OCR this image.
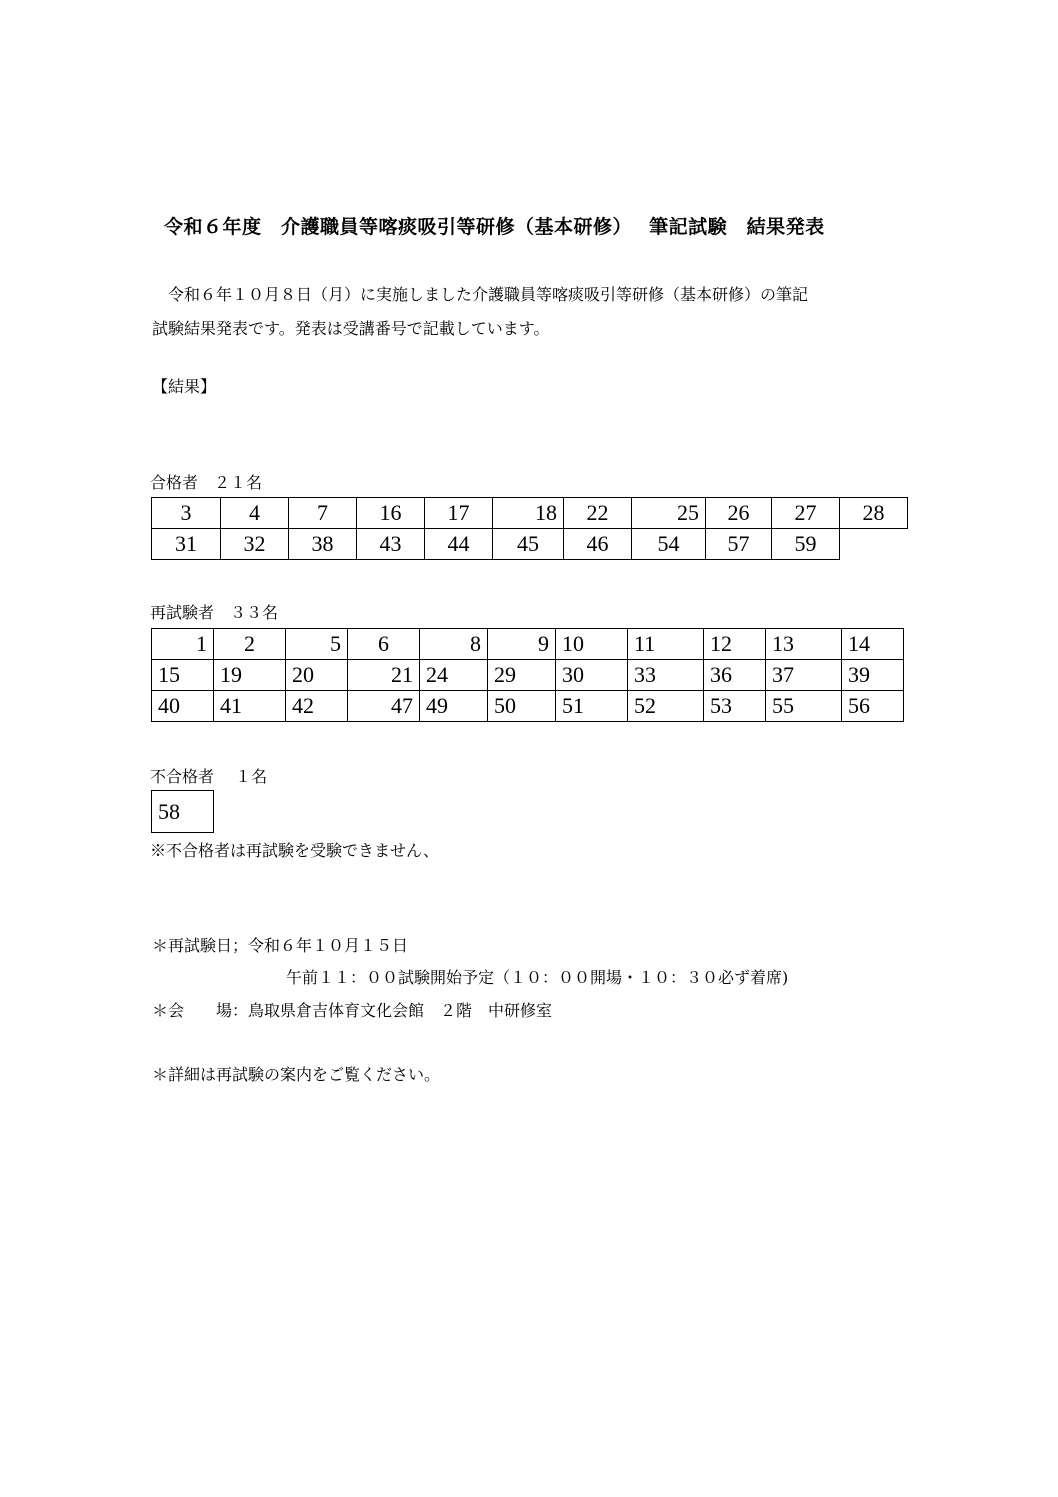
令和６年度　介護職員等喀痰吸引等研修（基本研修）　 筆記試験　結果発表
令和６年１０月８日（月）に実施しました介護職員等喀痰吸引等研修（基本研修）の筆記
試験結果発表です。発表は受講番号で記載しています。
【結果】
合格者　２１名
3	4	7	16	17	18	22	25	26	27	28
31	32	38	43	44	45	46	54	57	59	
再試験者　３３名
1	2	5	6	8	9	10	11	12	13	14
15	19	20	21	24	29	30	33	36	37	39
40	41	42	47	49	50	51	52	53	55	56
不合格者　 １名
58
※不合格者は再試験を受験できません、
＊再試験日；令和６年１０月１５日
午前１１：００試験開始予定（１０：００開場・１０：３０必ず着席)
＊会　　場：鳥取県倉吉体育文化会館　２階　中研修室
＊詳細は再試験の案内をご覧ください。
